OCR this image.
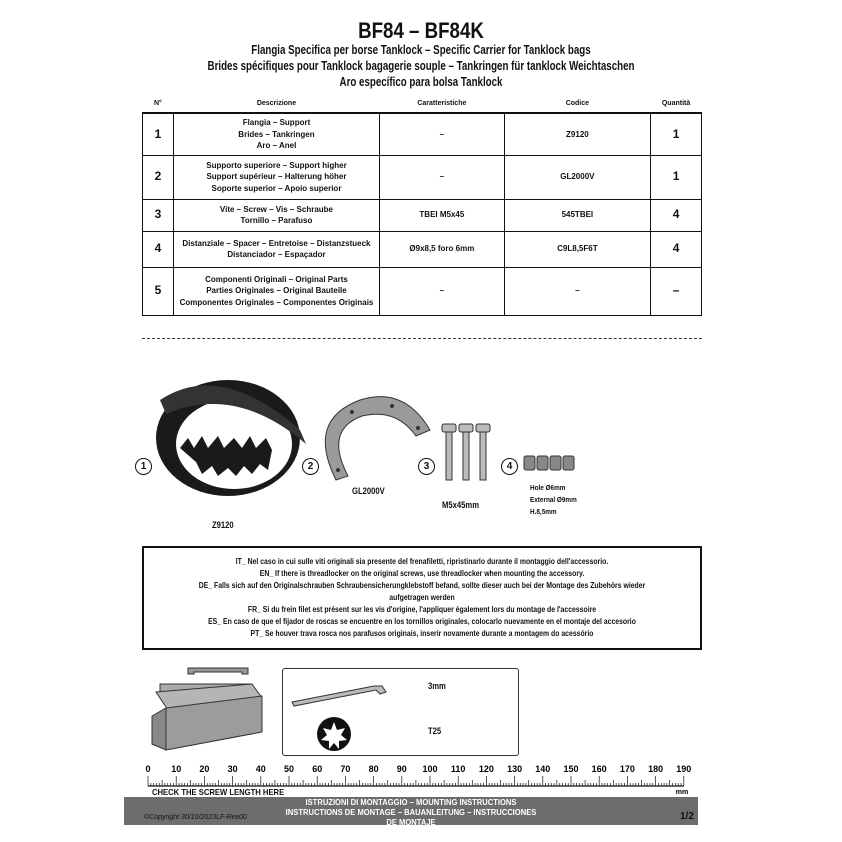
BF84 – BF84K
Flangia Specifica per borse Tanklock – Specific Carrier for Tanklock bags
Brides spécifiques pour Tanklock bagagerie souple – Tankringen für tanklock Weichtaschen
Aro específico para bolsa Tanklock
N°	Descrizione	Caratteristiche	Codice	Quantità
1	Flangia – Support
Brides – Tankringen
Aro – Anel	–	Z9120	1
2	Supporto superiore – Support higher
Support supérieur – Halterung höher
Soporte superior – Apoio superior	–	GL2000V	1
3	Vite – Screw – Vis – Schraube
Tornillo – Parafuso	TBEI M5x45	545TBEI	4
4	Distanziale – Spacer – Entretoise – Distanzstueck
Distanciador – Espaçador	Ø9x8,5 foro 6mm	C9L8,5F6T	4
5	Componenti Originali – Original Parts
Parties Originales – Original Bauteile
Componentes Originales – Componentes Originais	–	–	–
1
Z9120
2
GL2000V
3
M5x45mm
4
Hole Ø6mm
External Ø9mm
H.8,5mm
IT_ Nel caso in cui sulle viti originali sia presente del frenafiletti, ripristinarlo durante il montaggio dell'accessorio.
EN_ If there is threadlocker on the original screws, use threadlocker when mounting the accessory.
DE_ Falls sich auf den Originalschrauben Schraubensicherungklebstoff befand, sollte dieser auch bei der Montage des Zubehörs wieder
aufgetragen werden
FR_ Si du frein filet est présent sur les vis d'origine, l'appliquer également lors du montage de l'accessoire
ES_ En caso de que el fijador de roscas se encuentre en los tornillos originales, colocarlo nuevamente en el montaje del accesorio
PT_ Se houver trava rosca nos parafusos originais, inserir novamente durante a montagem do acessório
3mm
T25
0 10 20 30 40 50 60 70 80 90 100 110 120 130 140 150 160 170 180 190
mm
CHECK THE SCREW LENGTH HERE
ISTRUZIONI DI MONTAGGIO – MOUNTING INSTRUCTIONS
INSTRUCTIONS DE MONTAGE – BAUANLEITUNG – INSTRUCCIONES
DE MONTAJE
©Copyright 30/10/2023LF-Rev00	1/2
